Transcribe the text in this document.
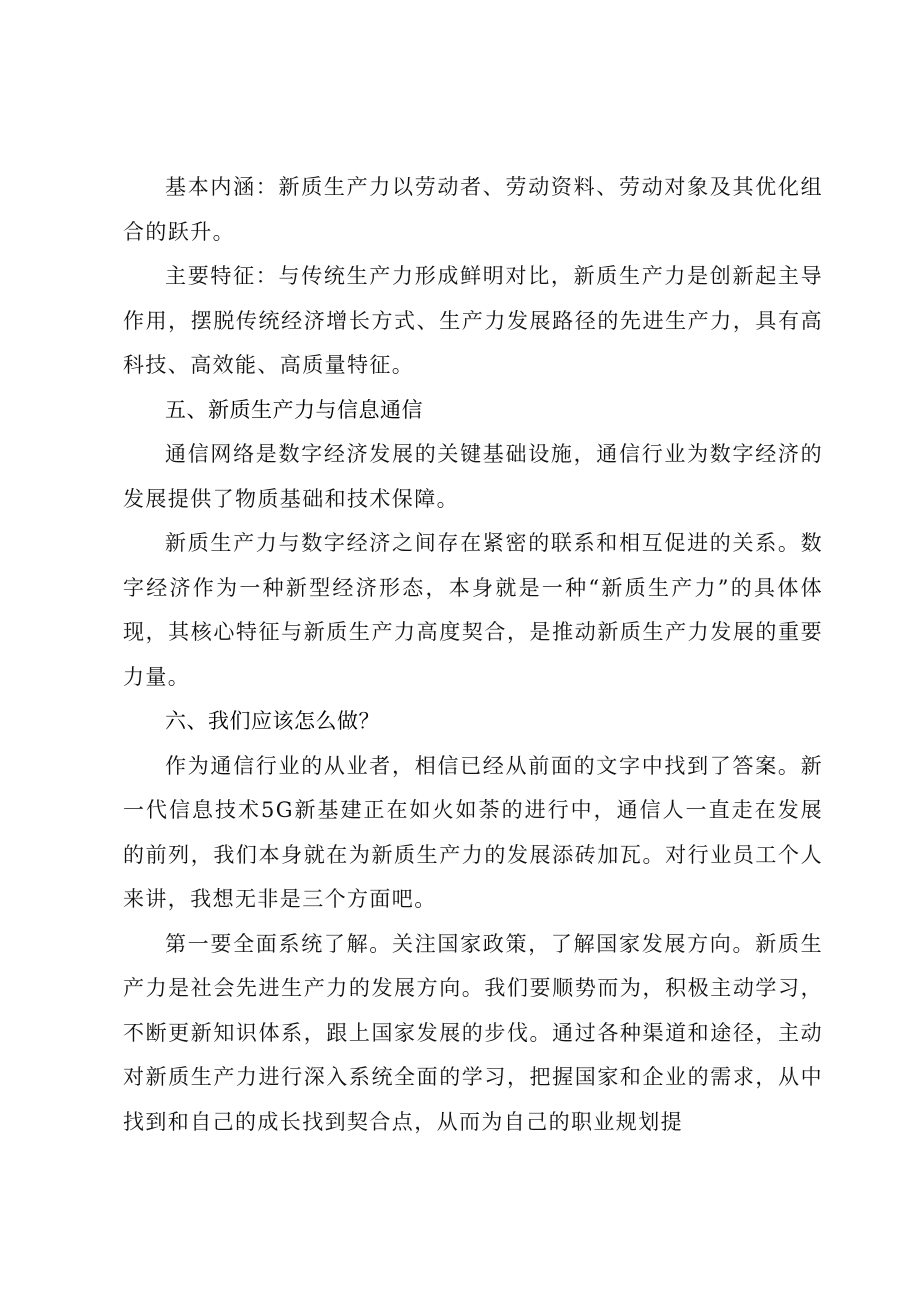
基本内涵：新质生产力以劳动者、劳动资料、劳动对象及其优化组合的跃升。

主要特征：与传统生产力形成鲜明对比，新质生产力是创新起主导作用，摆脱传统经济增长方式、生产力发展路径的先进生产力，具有高科技、高效能、高质量特征。

五、新质生产力与信息通信

通信网络是数字经济发展的关键基础设施，通信行业为数字经济的发展提供了物质基础和技术保障。

新质生产力与数字经济之间存在紧密的联系和相互促进的关系。数字经济作为一种新型经济形态，本身就是一种“新质生产力”的具体体现，其核心特征与新质生产力高度契合，是推动新质生产力发展的重要力量。

六、我们应该怎么做？

作为通信行业的从业者，相信已经从前面的文字中找到了答案。新一代信息技术5G新基建正在如火如荼的进行中，通信人一直走在发展的前列，我们本身就在为新质生产力的发展添砖加瓦。对行业员工个人来讲，我想无非是三个方面吧。

第一要全面系统了解。关注国家政策，了解国家发展方向。新质生产力是社会先进生产力的发展方向。我们要顺势而为，积极主动学习，不断更新知识体系，跟上国家发展的步伐。通过各种渠道和途径，主动对新质生产力进行深入系统全面的学习，把握国家和企业的需求，从中找到和自己的成长找到契合点，从而为自己的职业规划提
